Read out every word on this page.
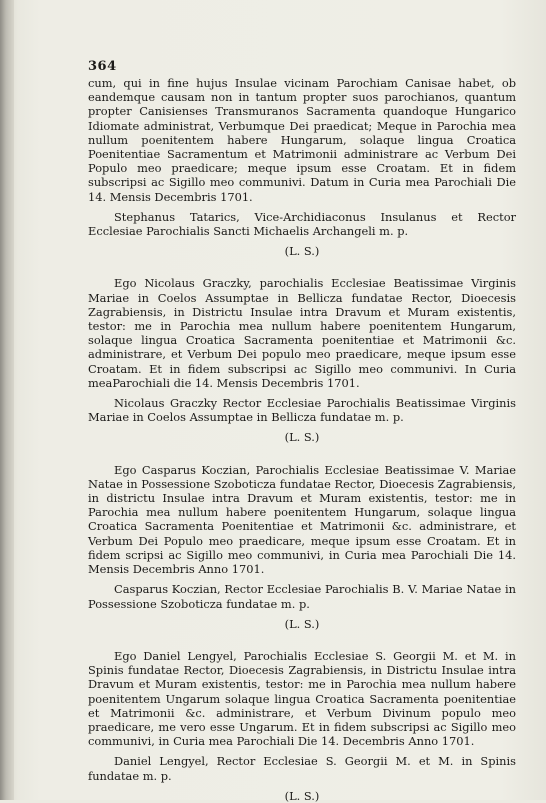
364

cum, qui in fine hujus Insulae vicinam Parochiam Canisae habet, ob eandemque causam non in tantum propter suos parochianos, quantum propter Canisienses Transmuranos Sacramenta quandoque Hungarico Idiomate administrat, Verbumque Dei praedicat; Meque in Parochia mea nullum poenitentem habere Hungarum, solaque lingua Croatica Poenitentiae Sacramentum et Matrimonii administrare ac Verbum Dei Populo meo praedicare; meque ipsum esse Croatam. Et in fidem subscripsi ac Sigillo meo communivi. Datum in Curia mea Parochiali Die 14. Mensis Decembris 1701.

Stephanus Tatarics, Vice-Archidiaconus Insulanus et Rector Ecclesiae Parochialis Sancti Michaelis Archangeli m. p.

(L. S.)

Ego Nicolaus Graczky, parochialis Ecclesiae Beatissimae Virginis Mariae in Coelos Assumptae in Bellicza fundatae Rector, Dioecesis Zagrabiensis, in Districtu Insulae intra Dravum et Muram existentis, testor: me in Parochia mea nullum habere poenitentem Hungarum, solaque lingua Croatica Sacramenta poenitentiae et Matrimonii &c. administrare, et Verbum Dei populo meo praedicare, meque ipsum esse Croatam. Et in fidem subscripsi ac Sigillo meo communivi. In Curia meaParochiali die 14. Mensis Decembris 1701.

Nicolaus Graczky Rector Ecclesiae Parochialis Beatissimae Virginis Mariae in Coelos Assumptae in Bellicza fundatae m. p.

(L. S.)

Ego Casparus Koczian, Parochialis Ecclesiae Beatissimae V. Mariae Natae in Possessione Szoboticza fundatae Rector, Dioecesis Zagrabiensis, in districtu Insulae intra Dravum et Muram existentis, testor: me in Parochia mea nullum habere poenitentem Hungarum, solaque lingua Croatica Sacramenta Poenitentiae et Matrimonii &c. administrare, et Verbum Dei Populo meo praedicare, meque ipsum esse Croatam. Et in fidem scripsi ac Sigillo meo communivi, in Curia mea Parochiali Die 14. Mensis Decembris Anno 1701.

Casparus Koczian, Rector Ecclesiae Parochialis B. V. Mariae Natae in Possessione Szoboticza fundatae m. p.

(L. S.)

Ego Daniel Lengyel, Parochialis Ecclesiae S. Georgii M. et M. in Spinis fundatae Rector, Dioecesis Zagrabiensis, in Districtu Insulae intra Dravum et Muram existentis, testor: me in Parochia mea nullum habere poenitentem Ungarum solaque lingua Croatica Sacramenta poenitentiae et Matrimonii &c. administrare, et Verbum Divinum populo meo praedicare, me vero esse Ungarum. Et in fidem subscripsi ac Sigillo meo communivi, in Curia mea Parochiali Die 14. Decembris Anno 1701.

Daniel Lengyel, Rector Ecclesiae S. Georgii M. et M. in Spinis fundatae m. p.

(L. S.)
